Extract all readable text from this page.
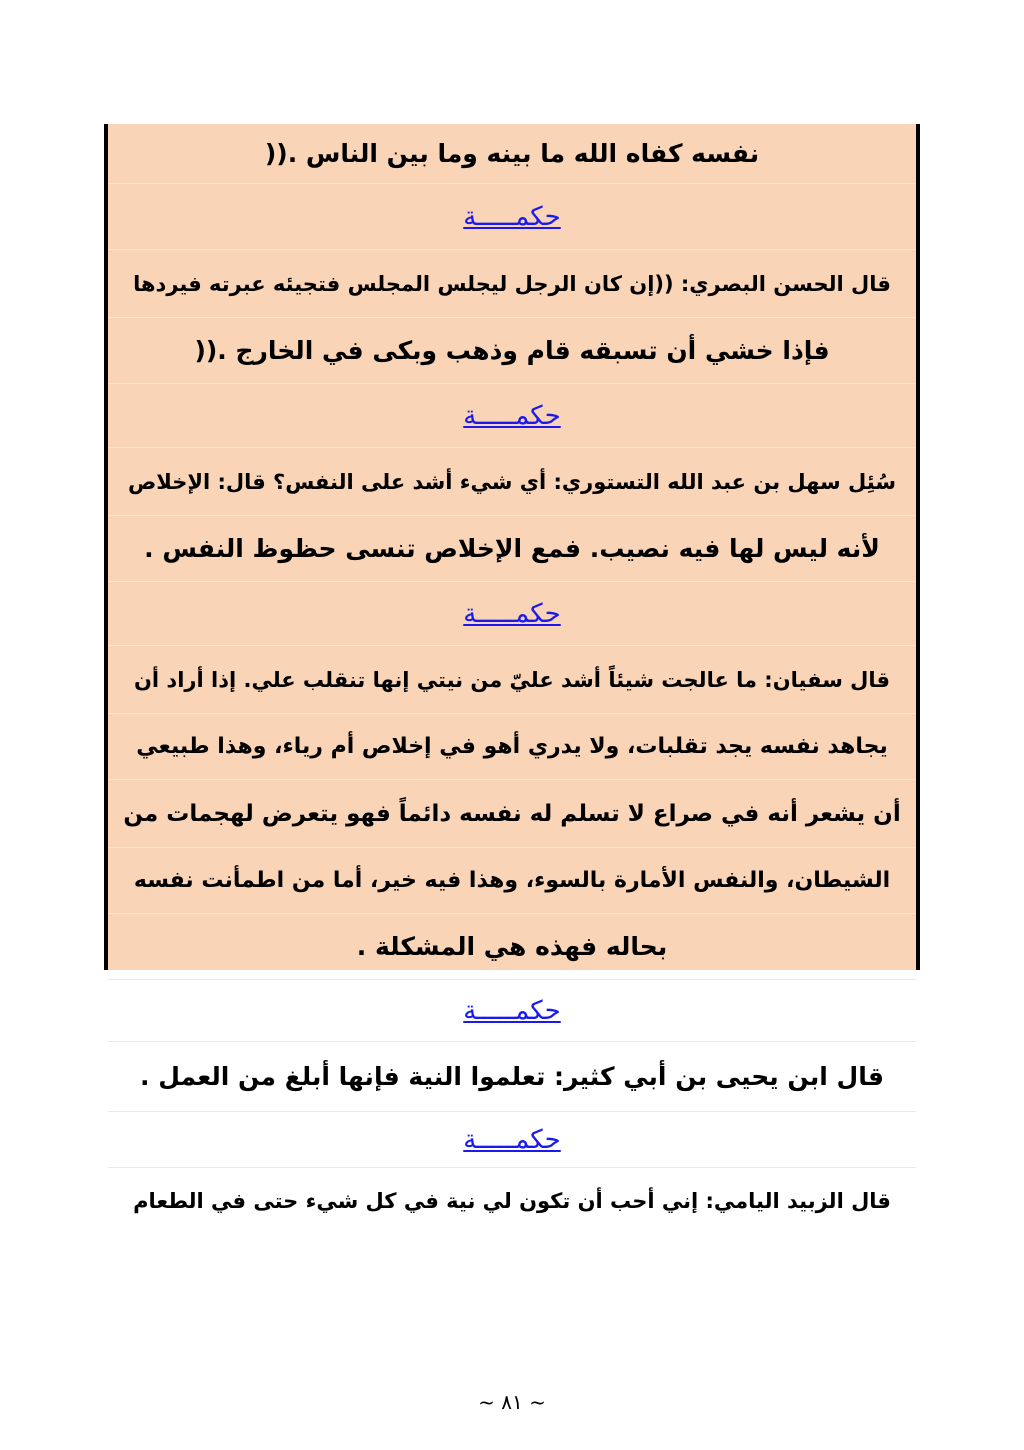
نفسه كفاه الله ما بينه وما بين الناس .((
حكمـــــة
قال الحسن البصري: ((إن كان الرجل ليجلس المجلس فتجيئه عبرته فيردها
فإذا خشي أن تسبقه قام وذهب وبكى في الخارج .((
حكمـــــة
سُئِل سهل بن عبد الله التستوري: أي شيء أشد على النفس؟ قال: الإخلاص
لأنه ليس لها فيه نصيب. فمع الإخلاص تنسى حظوظ النفس .
حكمـــــة
قال سفيان: ما عالجت شيئاً أشد عليّ من نيتي إنها تنقلب علي. إذا أراد أن
يجاهد نفسه يجد تقلبات، ولا يدري أهو في إخلاص أم رياء، وهذا طبيعي
أن يشعر أنه في صراع لا تسلم له نفسه دائماً فهو يتعرض لهجمات من
الشيطان، والنفس الأمارة بالسوء، وهذا فيه خير، أما من اطمأنت نفسه
بحاله فهذه هي المشكلة .
حكمـــــة
قال ابن يحيى بن أبي كثير: تعلموا النية فإنها أبلغ من العمل .
حكمـــــة
قال الزبيد اليامي: إني أحب أن تكون لي نية في كل شيء حتى في الطعام
~ ٨١ ~
